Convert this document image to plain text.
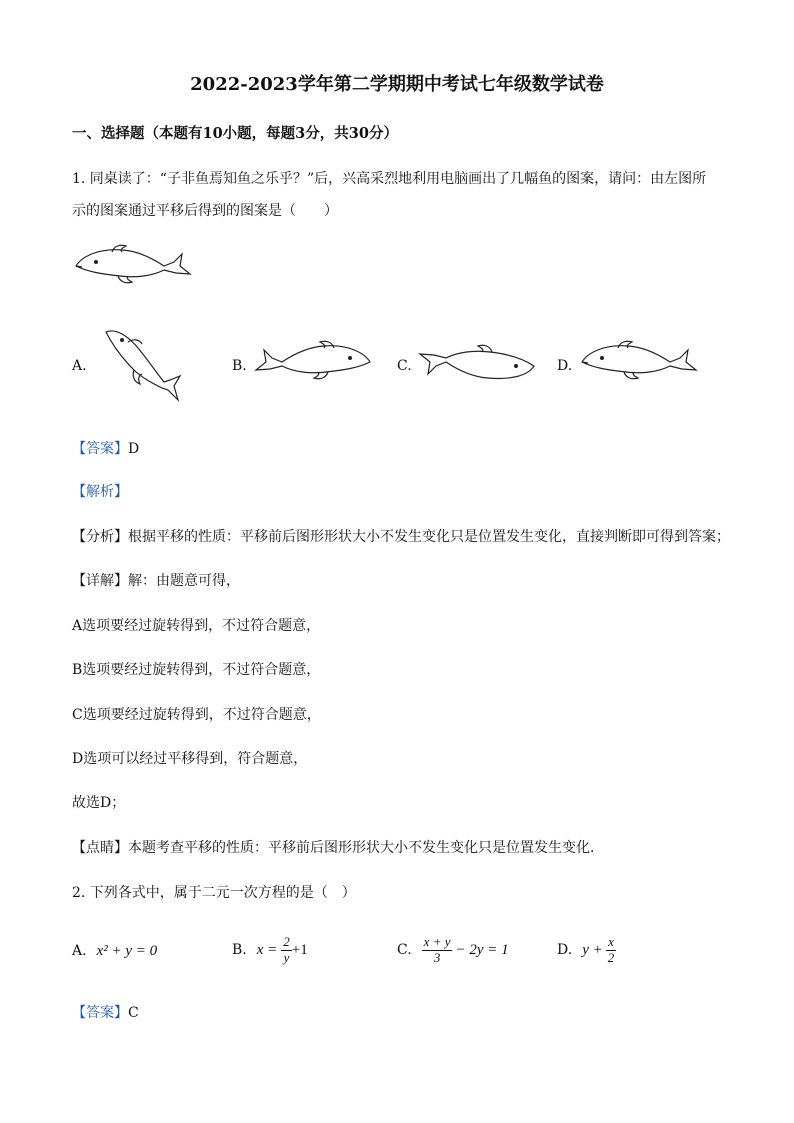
2022-2023学年第二学期期中考试七年级数学试卷
一、选择题（本题有10小题，每题3分，共30分）
1. 同桌读了：“子非鱼焉知鱼之乐乎？”后，兴高采烈地利用电脑画出了几幅鱼的图案，请问：由左图所
示的图案通过平移后得到的图案是（　　）
A.	B.	C.	D.
【答案】D
【解析】
【分析】根据平移的性质：平移前后图形形状大小不发生变化只是位置发生变化，直接判断即可得到答案；
【详解】解：由题意可得，
A选项要经过旋转得到，不过符合题意，
B选项要经过旋转得到，不过符合题意，
C选项要经过旋转得到，不过符合题意，
D选项可以经过平移得到，符合题意，
故选D；
【点睛】本题考查平移的性质：平移前后图形形状大小不发生变化只是位置发生变化．
2. 下列各式中，属于二元一次方程的是（　）
A. x² + y = 0	B. $x = \frac{2}{y} +1$	C. $\frac{x + y}{3} - 2y = 1$	D. $y + \frac{x}{2}$
【答案】C
